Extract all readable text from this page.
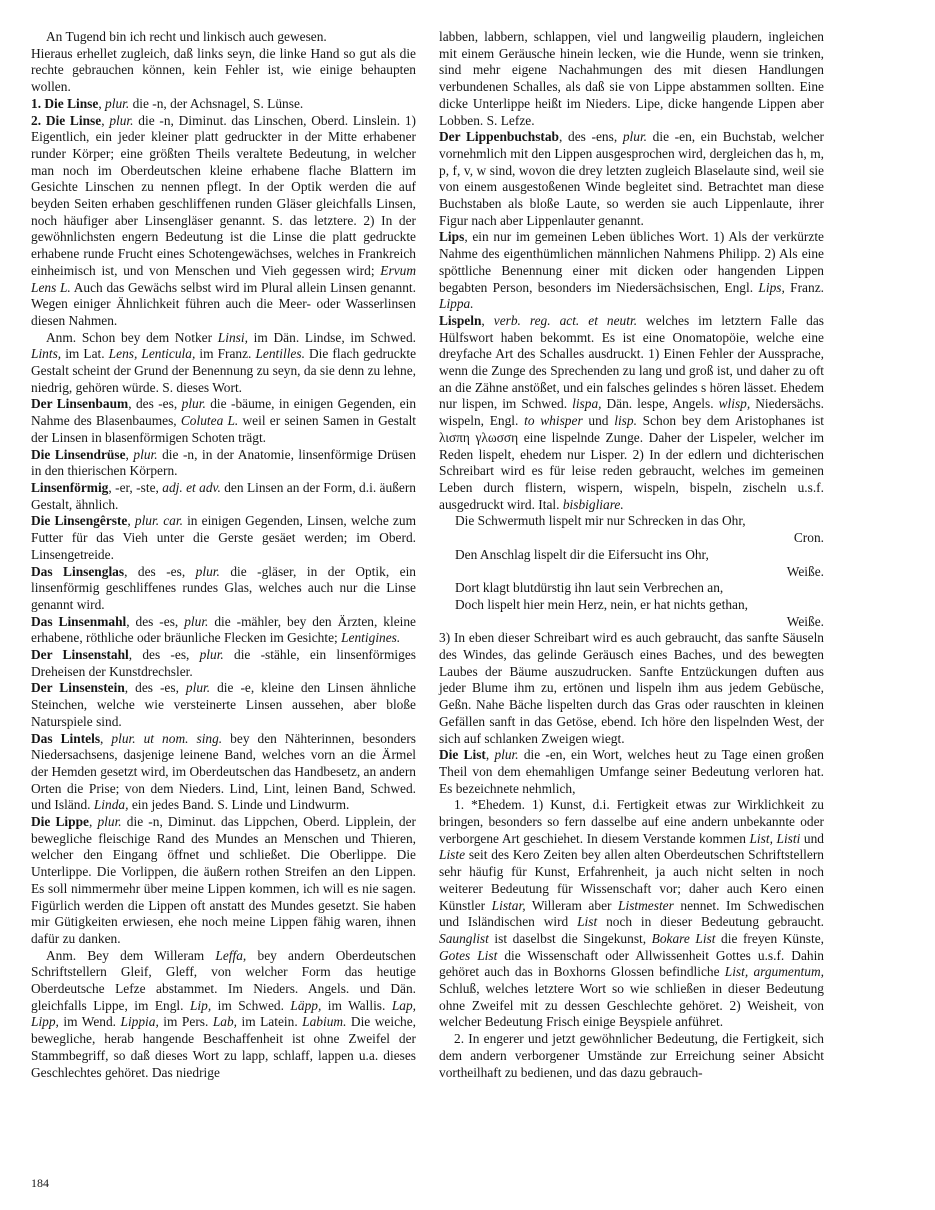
An Tugend bin ich recht und linkisch auch gewesen.

Hieraus erhellet zugleich, daß links seyn, die linke Hand so gut als die rechte gebrauchen können, kein Fehler ist, wie einige behaupten wollen.

1. Die Linse, plur. die -n, der Achsnagel, S. Lünse.

2. Die Linse, plur. die -n, Diminut. das Linschen, Oberd. Linslein. 1) Eigentlich, ein jeder kleiner platt gedruckter in der Mitte erhabener runder Körper; eine größten Theils veraltete Bedeutung, in welcher man noch im Oberdeutschen kleine erhabene flache Blattern im Gesichte Linschen zu nennen pflegt. In der Optik werden die auf beyden Seiten erhaben geschliffenen runden Gläser gleichfalls Linsen, noch häufiger aber Linsengläser genannt. S. das letztere. 2) In der gewöhnlichsten engern Bedeutung ist die Linse die platt gedruckte erhabene runde Frucht eines Schotengewächses, welches in Frankreich einheimisch ist, und von Menschen und Vieh gegessen wird; Ervum Lens L. Auch das Gewächs selbst wird im Plural allein Linsen genannt. Wegen einiger Ähnlichkeit führen auch die Meer- oder Wasserlinsen diesen Nahmen.

Anm. Schon bey dem Notker Linsi, im Dän. Lindse, im Schwed. Lints, im Lat. Lens, Lenticula, im Franz. Lentilles. Die flach gedruckte Gestalt scheint der Grund der Benennung zu seyn, da sie denn zu lehne, niedrig, gehören würde. S. dieses Wort.

Der Linsenbaum, des -es, plur. die -bäume, in einigen Gegenden, ein Nahme des Blasenbaumes, Colutea L. weil er seinen Samen in Gestalt der Linsen in blasenförmigen Schoten trägt.

Die Linsendrüse, plur. die -n, in der Anatomie, linsenförmige Drüsen in den thierischen Körpern.

Linsenförmig, -er, -ste, adj. et adv. den Linsen an der Form, d.i. äußern Gestalt, ähnlich.

Die Linsengêrste, plur. car. in einigen Gegenden, Linsen, welche zum Futter für das Vieh unter die Gerste gesäet werden; im Oberd. Linsengetreide.

Das Linsenglas, des -es, plur. die -gläser, in der Optik, ein linsenförmig geschliffenes rundes Glas, welches auch nur die Linse genannt wird.

Das Linsenmahl, des -es, plur. die -mähler, bey den Ärzten, kleine erhabene, röthliche oder bräunliche Flecken im Gesichte; Lentigines.

Der Linsenstahl, des -es, plur. die -stähle, ein linsenförmiges Dreheisen der Kunstdrechsler.

Der Linsenstein, des -es, plur. die -e, kleine den Linsen ähnliche Steinchen, welche wie versteinerte Linsen aussehen, aber bloße Naturspiele sind.

Das Lintels, plur. ut nom. sing. bey den Nähterinnen, besonders Niedersachsens, dasjenige leinene Band, welches vorn an die Ärmel der Hemden gesetzt wird, im Oberdeutschen das Handbesetz, an andern Orten die Prise; von dem Nieders. Lind, Lint, leinen Band, Schwed. und Isländ. Linda, ein jedes Band. S. Linde und Lindwurm.

Die Lippe, plur. die -n, Diminut. das Lippchen, Oberd. Lipplein, der bewegliche fleischige Rand des Mundes an Menschen und Thieren, welcher den Eingang öffnet und schließet. Die Oberlippe. Die Unterlippe. Die Vorlippen, die äußern rothen Streifen an den Lippen. Es soll nimmermehr über meine Lippen kommen, ich will es nie sagen. Figürlich werden die Lippen oft anstatt des Mundes gesetzt. Sie haben mir Gütigkeiten erwiesen, ehe noch meine Lippen fähig waren, ihnen dafür zu danken.

Anm. Bey dem Willeram Leffa, bey andern Oberdeutschen Schriftstellern Gleif, Gleff, von welcher Form das heutige Oberdeutsche Lefze abstammet. Im Nieders. Angels. und Dän. gleichfalls Lippe, im Engl. Lip, im Schwed. Läpp, im Wallis. Lap, Lipp, im Wend. Lippia, im Pers. Lab, im Latein. Labium. Die weiche, bewegliche, herab hangende Beschaffenheit ist ohne Zweifel der Stammbegriff, so daß dieses Wort zu lapp, schlaff, lappen u.a. dieses Geschlechtes gehöret. Das niedrige

labben, labbern, schlappen, viel und langweilig plaudern, ingleichen mit einem Geräusche hinein lecken, wie die Hunde, wenn sie trinken, sind mehr eigene Nachahmungen des mit diesen Handlungen verbundenen Schalles, als daß sie von Lippe abstammen sollten. Eine dicke Unterlippe heißt im Nieders. Lipe, dicke hangende Lippen aber Lobben. S. Lefze.

Der Lippenbuchstab, des -ens, plur. die -en, ein Buchstab, welcher vornehmlich mit den Lippen ausgesprochen wird, dergleichen das h, m, p, f, v, w sind, wovon die drey letzten zugleich Blaselaute sind, weil sie von einem ausgestoßenen Winde begleitet sind. Betrachtet man diese Buchstaben als bloße Laute, so werden sie auch Lippenlaute, ihrer Figur nach aber Lippenlauter genannt.

Lips, ein nur im gemeinen Leben übliches Wort. 1) Als der verkürzte Nahme des eigenthümlichen männlichen Nahmens Philipp. 2) Als eine spöttliche Benennung einer mit dicken oder hangenden Lippen begabten Person, besonders im Niedersächsischen, Engl. Lips, Franz. Lippa.

Lispeln, verb. reg. act. et neutr. welches im letztern Falle das Hülfswort haben bekommt. Es ist eine Onomatopöie, welche eine dreyfache Art des Schalles ausdruckt. 1) Einen Fehler der Aussprache, wenn die Zunge des Sprechenden zu lang und groß ist, und daher zu oft an die Zähne anstößet, und ein falsches gelindes s hören lässet. Ehedem nur lispen, im Schwed. lispa, Dän. lespe, Angels. wlisp, Niedersächs. wispeln, Engl. to whisper und lisp. Schon bey dem Aristophanes ist λισπη γλωσση eine lispelnde Zunge. Daher der Lispeler, welcher im Reden lispelt, ehedem nur Lisper. 2) In der edlern und dichterischen Schreibart wird es für leise reden gebraucht, welches im gemeinen Leben durch flistern, wispern, wispeln, bispeln, zischeln u.s.f. ausgedruckt wird. Ital. bisbigliare.

Die Schwermuth lispelt mir nur Schrecken in das Ohr,

Cron.

Den Anschlag lispelt dir die Eifersucht ins Ohr,

Weiße.

Dort klagt blutdürstig ihn laut sein Verbrechen an,

Doch lispelt hier mein Herz, nein, er hat nichts gethan,

Weiße.

3) In eben dieser Schreibart wird es auch gebraucht, das sanfte Säuseln des Windes, das gelinde Geräusch eines Baches, und des bewegten Laubes der Bäume auszudrucken. Sanfte Entzückungen duften aus jeder Blume ihm zu, ertönen und lispeln ihm aus jedem Gebüsche, Geßn. Nahe Bäche lispelten durch das Gras oder rauschten in kleinen Gefällen sanft in das Getöse, ebend. Ich höre den lispelnden West, der sich auf schlanken Zweigen wiegt.

Die List, plur. die -en, ein Wort, welches heut zu Tage einen großen Theil von dem ehemahligen Umfange seiner Bedeutung verloren hat. Es bezeichnete nehmlich,

1. *Ehedem. 1) Kunst, d.i. Fertigkeit etwas zur Wirklichkeit zu bringen, besonders so fern dasselbe auf eine andern unbekannte oder verborgene Art geschiehet. In diesem Verstande kommen List, Listi und Liste seit des Kero Zeiten bey allen alten Oberdeutschen Schriftstellern sehr häufig für Kunst, Erfahrenheit, ja auch nicht selten in noch weiterer Bedeutung für Wissenschaft vor; daher auch Kero einen Künstler Listar, Willeram aber Listmester nennet. Im Schwedischen und Isländischen wird List noch in dieser Bedeutung gebraucht. Saunglist ist daselbst die Singekunst, Bokare List die freyen Künste, Gotes List die Wissenschaft oder Allwissenheit Gottes u.s.f. Dahin gehöret auch das in Boxhorns Glossen befindliche List, argumentum, Schluß, welches letztere Wort so wie schließen in dieser Bedeutung ohne Zweifel mit zu dessen Geschlechte gehöret. 2) Weisheit, von welcher Bedeutung Frisch einige Beyspiele anführet.

2. In engerer und jetzt gewöhnlicher Bedeutung, die Fertigkeit, sich dem andern verborgener Umstände zur Erreichung seiner Absicht vortheilhaft zu bedienen, und das dazu gebrauch-

184
